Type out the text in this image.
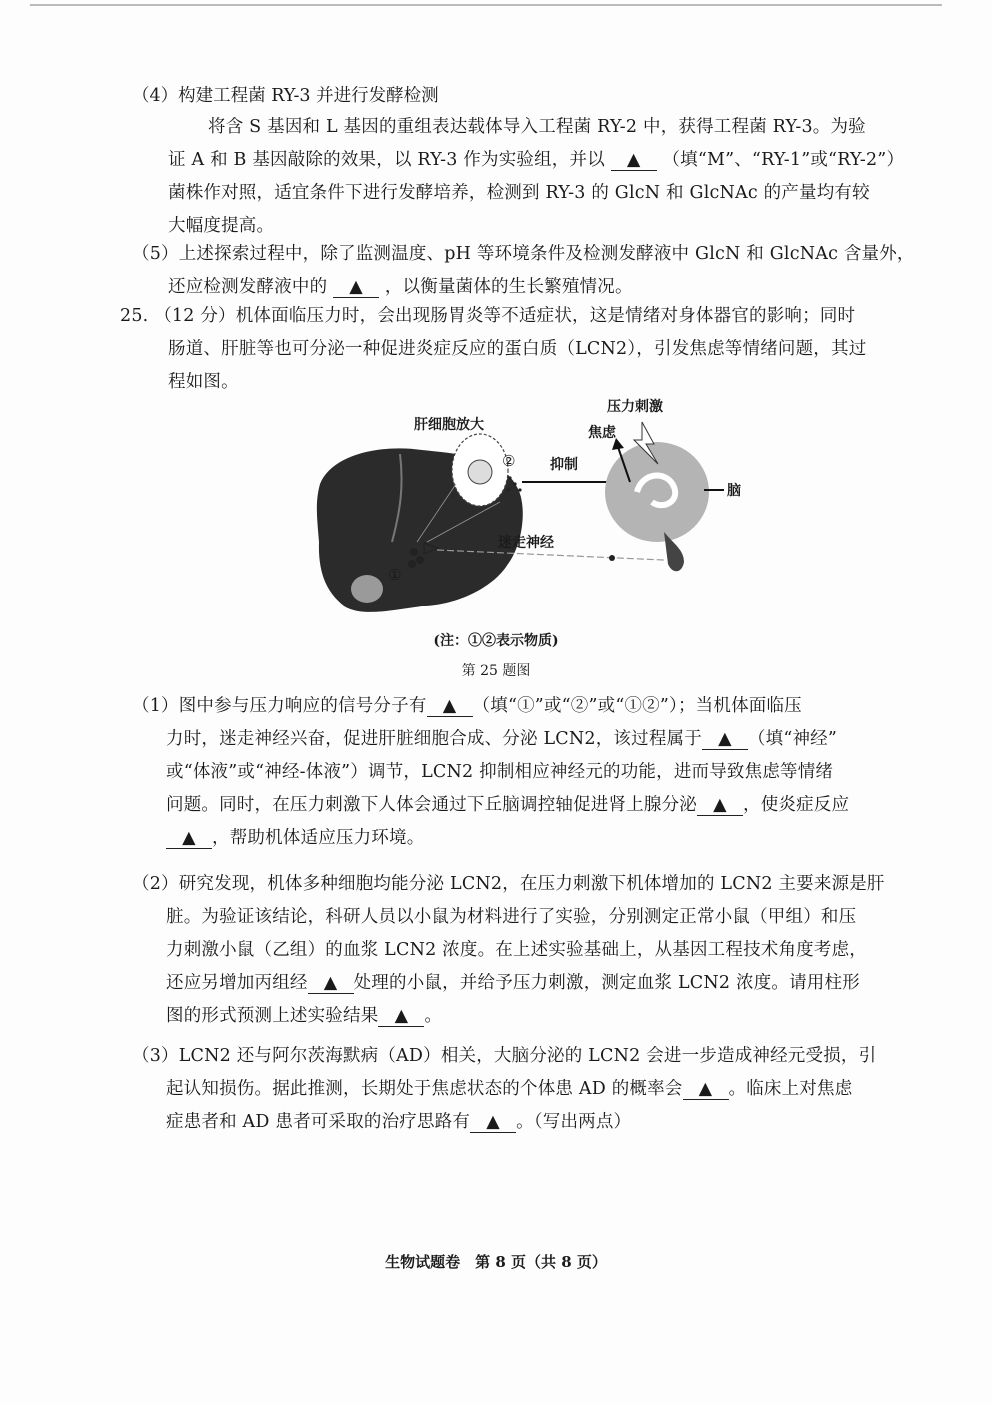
（4）构建工程菌 RY-3 并进行发酵检测
将含 S 基因和 L 基因的重组表达载体导入工程菌 RY-2 中，获得工程菌 RY-3。为验
证 A 和 B 基因敲除的效果，以 RY-3 作为实验组，并以 ▲ （填“M”、“RY-1”或“RY-2”）
菌株作对照，适宜条件下进行发酵培养，检测到 RY-3 的 GlcN 和 GlcNAc 的产量均有较
大幅度提高。
（5）上述探索过程中，除了监测温度、pH 等环境条件及检测发酵液中 GlcN 和 GlcNAc 含量外，
还应检测发酵液中的 ▲ ，以衡量菌体的生长繁殖情况。
25. （12 分）机体面临压力时，会出现肠胃炎等不适症状，这是情绪对身体器官的影响；同时
肠道、肝脏等也可分泌一种促进炎症反应的蛋白质（LCN2），引发焦虑等情绪问题，其过
程如图。
肝细胞放大
压力刺激
焦虑
抑制
脑
迷走神经
①
②
(注：①②表示物质)
第 25 题图
（1）图中参与压力响应的信号分子有 ▲ （填“①”或“②”或“①②”）；当机体面临压
力时，迷走神经兴奋，促进肝脏细胞合成、分泌 LCN2，该过程属于 ▲ （填“神经”
或“体液”或“神经-体液”）调节，LCN2 抑制相应神经元的功能，进而导致焦虑等情绪
问题。同时，在压力刺激下人体会通过下丘脑调控轴促进肾上腺分泌 ▲ ，使炎症反应
▲ ，帮助机体适应压力环境。
（2）研究发现，机体多种细胞均能分泌 LCN2，在压力刺激下机体增加的 LCN2 主要来源是肝
脏。为验证该结论，科研人员以小鼠为材料进行了实验，分别测定正常小鼠（甲组）和压
力刺激小鼠（乙组）的血浆 LCN2 浓度。在上述实验基础上，从基因工程技术角度考虑，
还应另增加丙组经 ▲ 处理的小鼠，并给予压力刺激，测定血浆 LCN2 浓度。请用柱形
图的形式预测上述实验结果 ▲ 。
（3）LCN2 还与阿尔茨海默病（AD）相关，大脑分泌的 LCN2 会进一步造成神经元受损，引
起认知损伤。据此推测，长期处于焦虑状态的个体患 AD 的概率会 ▲ 。临床上对焦虑
症患者和 AD 患者可采取的治疗思路有 ▲ 。（写出两点）
生物试题卷　第 8 页（共 8 页）
